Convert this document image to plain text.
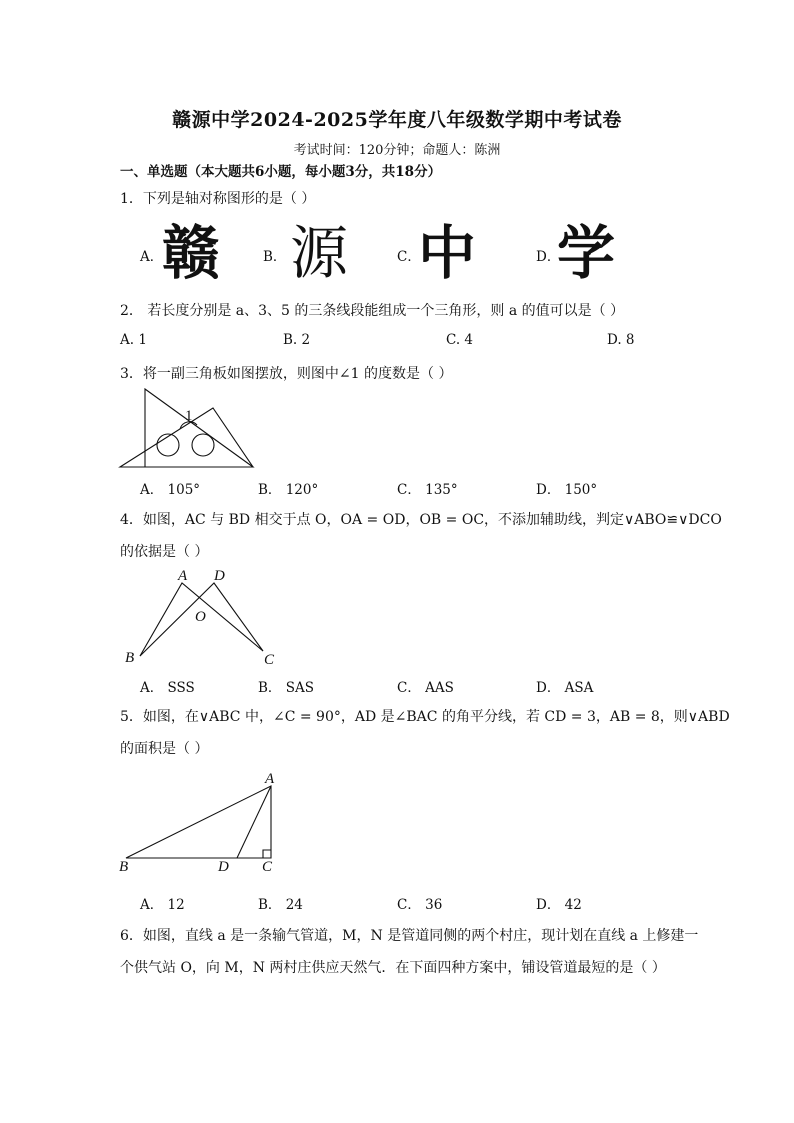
赣源中学2024-2025学年度八年级数学期中考试卷
考试时间：120分钟；命题人：陈洲
一、单选题（本大题共6小题，每小题3分，共18分）
1．下列是轴对称图形的是（ ）
A．
赣	B． 源	C．
中	D．
学
2． 若长度分别是 a、3、5 的三条线段能组成一个三角形，则 a 的值可以是（ ）
A. 1	B. 2	C. 4	D. 8
3．将一副三角板如图摆放，则图中∠1 的度数是（ ）
1
A． 105°	B． 120°	C． 135°	D． 150°
4．如图，AC 与 BD 相交于点 O，OA = OD，OB = OC，不添加辅助线，判定∨ABO≌∨DCO
的依据是（ ）
A D
O
B	C
A． SSS	B． SAS	C． AAS	D． ASA
5．如图，在∨ABC 中，∠C = 90°，AD 是∠BAC 的角平分线，若 CD = 3，AB = 8，则∨ABD
的面积是（ ）
A
B	D C
A． 12	B． 24	C． 36	D． 42
6．如图，直线 a 是一条输气管道，M，N 是管道同侧的两个村庄，现计划在直线 a 上修建一
个供气站 O，向 M，N 两村庄供应天然气．在下面四种方案中，铺设管道最短的是（ ）
